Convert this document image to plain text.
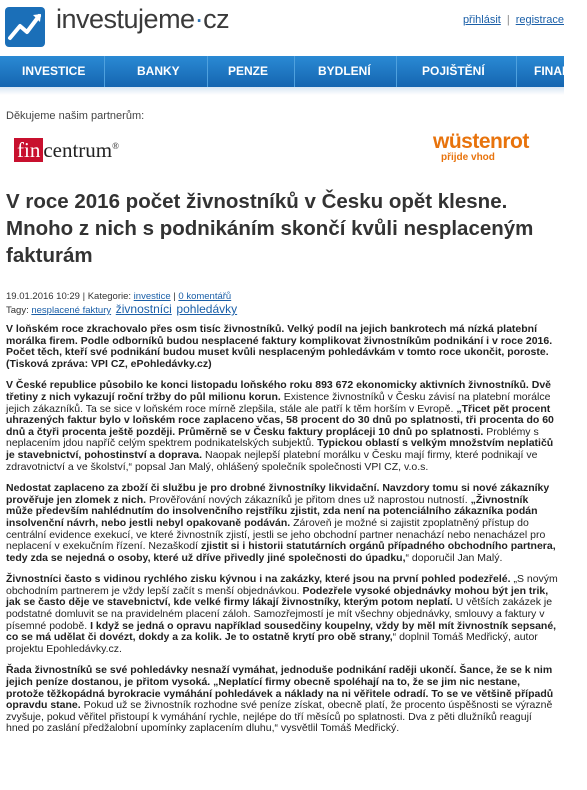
investujeme·cz	přihlásit | registrace
INVESTICE	BANKY	PENZE	BYDLENÍ	POJIŠTĚNÍ	FINANCE
Děkujeme našim partnerům:
fin centrum®	wüstenrot
přijde vhod
V roce 2016 počet živnostníků v Česku opět klesne. Mnoho z nich s podnikáním skončí kvůli nesplaceným fakturám
19.01.2016 10:29 | Kategorie: investice | 0 komentářů
Tagy: nesplacené faktury živnostníci pohledávky

V loňském roce zkrachovalo přes osm tisíc živnostníků. Velký podíl na jejich bankrotech má nízká platební morálka firem. Podle odborníků budou nesplacené faktury komplikovat živnostníkům podnikání i v roce 2016. Počet těch, kteří své podnikání budou muset kvůli nesplaceným pohledávkám v tomto roce ukončit, poroste. (Tisková zpráva: VPI CZ, ePohledávky.cz)

V České republice působilo ke konci listopadu loňského roku 893 672 ekonomicky aktivních živnostníků. Dvě třetiny z nich vykazují roční tržby do půl milionu korun. Existence živnostníků v Česku závisí na platební morálce jejich zákazníků. Ta se sice v loňském roce mírně zlepšila, stále ale patří k těm horším v Evropě. „Třicet pět procent uhrazených faktur bylo v loňském roce zaplaceno včas, 58 procent do 30 dnů po splatnosti, tři procenta do 60 dnů a čtyři procenta ještě později. Průměrně se v Česku faktury propláceji 10 dnů po splatnosti. Problémy s neplacením jdou napříč celým spektrem podnikatelských subjektů. Typickou oblastí s velkým množstvím neplatičů je stavebnictví, pohostinství a doprava. Naopak nejlepší platební morálku v Česku mají firmy, které podnikají ve zdravotnictví a ve školství,“ popsal Jan Malý, ohlášený společník společnosti VPI CZ, v.o.s.

Nedostat zaplaceno za zboží či službu je pro drobné živnostníky likvidační. Navzdory tomu si nové zákazníky prověřuje jen zlomek z nich. Prověřování nových zákazníků je přitom dnes už naprostou nutností. „Živnostník může především nahlédnutím do insolvenčního rejstříku zjistit, zda není na potenciálního zákazníka podán insolvenční návrh, nebo jestli nebyl opakovaně podáván. Zároveň je možné si zajistit zpoplatněný přístup do centrální evidence exekucí, ve které živnostník zjistí, jestli se jeho obchodní partner nenachází nebo nenacházel pro neplacení v exekučním řízení. Nezaškodí zjistit si i historii statutárních orgánů případného obchodního partnera, tedy zda se nejedná o osoby, které už dříve přivedly jiné společnosti do úpadku,“ doporučil Jan Malý.

Živnostníci často s vidinou rychlého zisku kývnou i na zakázky, které jsou na první pohled podezřelé. „S novým obchodním partnerem je vždy lepší začít s menší objednávkou. Podezřele vysoké objednávky mohou být jen trik, jak se často děje ve stavebnictví, kde velké firmy lákají živnostníky, kterým potom neplatí. U větších zakázek je podstatné domluvit se na pravidelném placení záloh. Samozřejmostí je mít všechny objednávky, smlouvy a faktury v písemné podobě. I když se jedná o opravu například sousedčiny koupelny, vždy by měl mít živnostník sepsané, co se má udělat či dovézt, dokdy a za kolik. Je to ostatně krytí pro obě strany,“ doplnil Tomáš Medřický, autor projektu Epohledávky.cz.

Řada živnostníků se své pohledávky nesnaží vymáhat, jednoduše podnikání raději ukončí. Šance, že se k nim jejich peníze dostanou, je přitom vysoká. „Neplatící firmy obecně spoléhají na to, že se jim nic nestane, protože těžkopádná byrokracie vymáhání pohledávek a náklady na ni věřitele odradí. To se ve většině případů opravdu stane. Pokud už se živnostník rozhodne své peníze získat, obecně platí, že procento úspěšnosti se výrazně zvyšuje, pokud věřitel přistoupí k vymáhání rychle, nejlépe do tří měsíců po splatnosti. Dva z pěti dlužníků reagují hned po zaslání předžalobní upomínky zaplacením dluhu,“ vysvětlil Tomáš Medřický.
